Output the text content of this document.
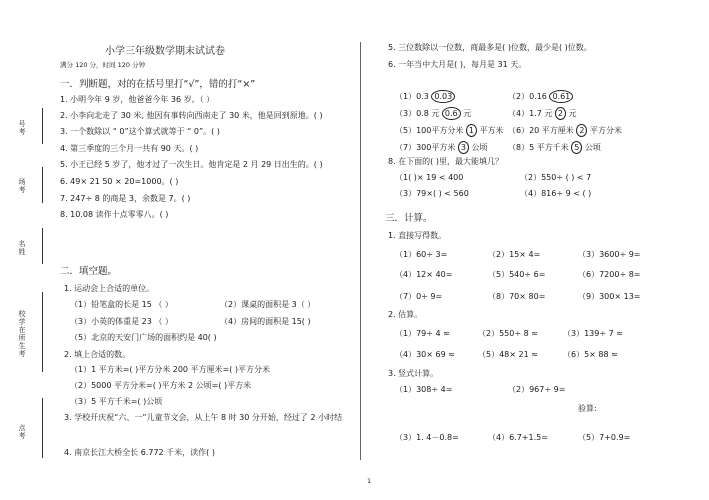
小学三年级数学期末试试卷
满分 120 分，时间 120 分钟
号考
场考
名姓
校学在所生考
点考
一．判断题，对的在括号里打“√”，错的打“×”
1. 小明今年 9 岁，他爸爸今年 36 岁。（ ）
2. 小李向北走了 30 米, 他因有事转向西南走了 30 米，他是回到原地。( )
3. 一个数除以 “ 0”这个算式就等于 “ 0”。( )
4. 第三季度的三个月一共有 90 天。( )
5. 小王已经 5 岁了，他才过了一次生日。他肯定是 2 月 29 日出生的。( )
6. 49× 21 50 × 20=1000。( )
7. 247÷ 8 的商是 3，余数是 7。( )
8. 10.08 读作十点零零八。( )
二．填空题。
1. 运动会上合适的单位。
（1）铅笔盒的长是 15 （ ）	（2）课桌的面积是 3（ ）
（3）小英的体重是 23 （ ）	（4）房间的面积是 15( )
（5）北京的天安门广场的面积约是 40( )
2. 填上合适的数。
（1）1 平方米=( )平方分米 200 平方厘米=( )平方分米
（2）5000 平方分米=( )平方米 2 公顷=( )平方米
（3）5 平方千米=( )公顷
3. 学校开庆祝“六、一”儿童节文会，从上午 8 时 30 分开始，经过了 2 小时结
4. 南京长江大桥全长 6.772 千米，读作( )
5. 三位数除以一位数，商最多是( )位数，最少是( )位数。
6. 一年当中大月是( )，每月是 31 天。
（1）0.3 0.03	（2）0.16 0.61
（3）0.8 元 0.6 元	（4）1.7 元 2 元
（5）100平方分米 1 平方米 （6）20 平方厘米 2 平方分米
（7）300平方米 3 公顷	（8）5 平方千米 5 公顷
8. 在下面的( )里，最大能填几？
（1( )× 19 < 400	（2）550÷ ( ) < 7
（3）79×( ) < 560	（4）816÷ 9 < ( )
三．计算。
1. 直接写得数。
（1）60÷ 3=	（2）15× 4=	（3）3600÷ 9=
（4）12× 40=	（5）540÷ 6=	（6）7200÷ 8=
（7）0÷ 9=	（8）70× 80=	（9）300× 13=
2. 估算。
（1）79÷ 4 ≈	（2）550÷ 8 ≈	（3）139÷ 7 ≈
（4）30× 69 ≈	（5）48× 21 ≈	（6）5× 88 ≈
3. 竖式计算。
（1）308÷ 4=	（2）967÷ 9=
验算:
（3）1. 4－0.8=	（4）6.7+1.5=	（5）7+0.9=
1
